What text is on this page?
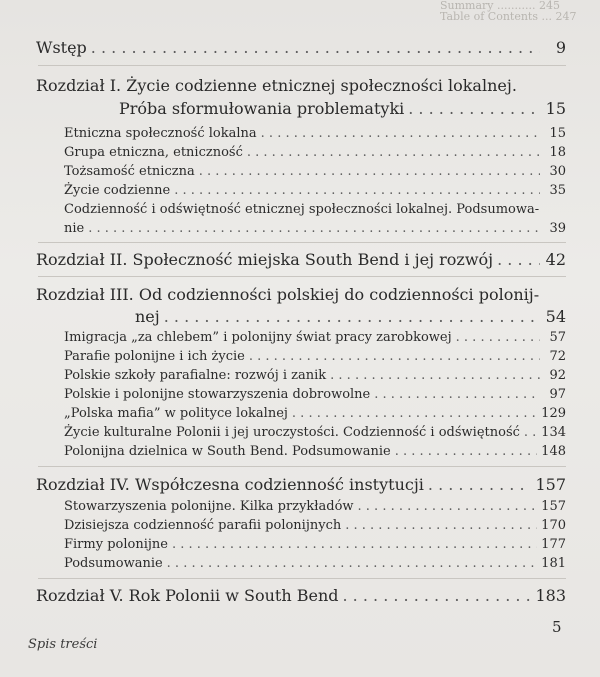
Summary ........... 245
Table of Contents ... 247
Wstęp . . .	9
Rozdział I. Życie codzienne etnicznej społeczności lokalnej.
Próba sformułowania problematyki . . .	15
Etniczna społeczność lokalna . . .	15
Grupa etniczna, etniczność . . .	18
Tożsamość etniczna . . .	30
Życie codzienne . . .	35
Codzienność i odświętność etnicznej społeczności lokalnej. Podsumowa-
nie . . .	39
Rozdział II. Społeczność miejska South Bend i jej rozwój . . .	42
Rozdział III. Od codzienności polskiej do codzienności polonij-
nej . . .	54
Imigracja „za chlebem” i polonijny świat pracy zarobkowej . . .	57
Parafie polonijne i ich życie . . .	72
Polskie szkoły parafialne: rozwój i zanik . . .	92
Polskie i polonijne stowarzyszenia dobrowolne . . .	97
„Polska mafia” w polityce lokalnej . . .	129
Życie kulturalne Polonii i jej uroczystości. Codzienność i odświętność . . . 134
Polonijna dzielnica w South Bend. Podsumowanie . . .	148
Rozdział IV. Współczesna codzienność instytucji . . .	157
Stowarzyszenia polonijne. Kilka przykładów . . .	157
Dzisiejsza codzienność parafii polonijnych . . .	170
Firmy polonijne . . .	177
Podsumowanie . . .	181
Rozdział V. Rok Polonii w South Bend . . .	183
Spis treści
5
